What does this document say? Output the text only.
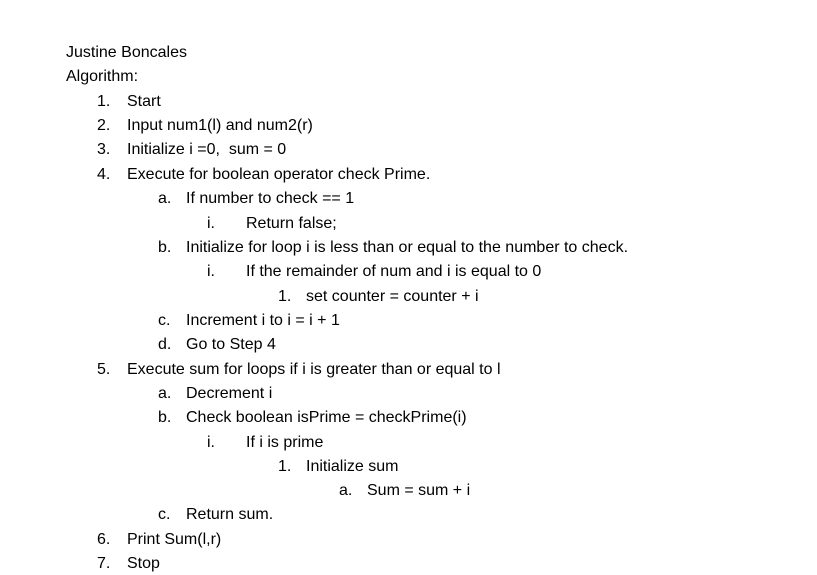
Justine Boncales
Algorithm:
1. Start
2. Input num1(l) and num2(r)
3. Initialize i =0,  sum = 0
4. Execute for boolean operator check Prime.
a. If number to check == 1
i. Return false;
b. Initialize for loop i is less than or equal to the number to check.
i. If the remainder of num and i is equal to 0
1. set counter = counter + i
c. Increment i to i = i + 1
d. Go to Step 4
5. Execute sum for loops if i is greater than or equal to l
a. Decrement i
b. Check boolean isPrime = checkPrime(i)
i. If i is prime
1. Initialize sum
a. Sum = sum + i
c. Return sum.
6. Print Sum(l,r)
7. Stop
